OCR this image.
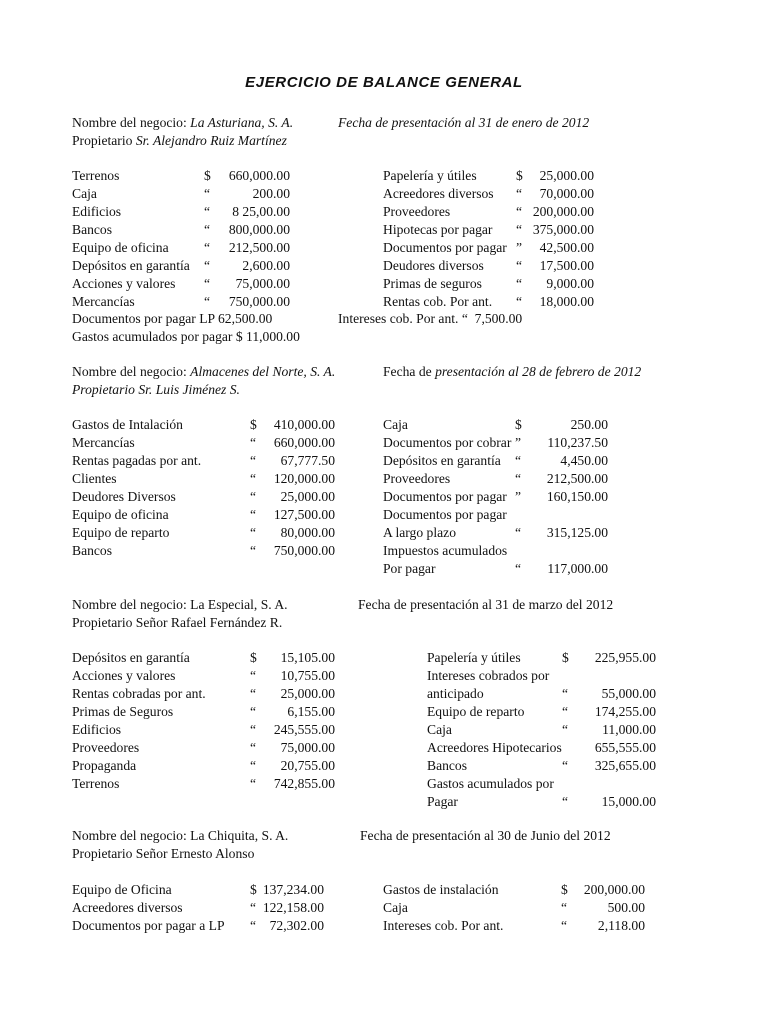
EJERCICIO DE BALANCE GENERAL
Nombre del negocio: La Asturiana, S. A.	Fecha de presentación al 31 de enero de 2012
Propietario Sr. Alejandro Ruiz Martínez
Terrenos	$ 660,000.00
Caja	“	200.00
Edificios	“ 8 25,00.00
Bancos	“ 800,000.00
Equipo de oficina	“ 212,500.00
Depósitos en garantía “ 2,600.00
Acciones y valores “ 75,000.00
Mercancías	“ 750,000.00
Papelería y útiles	$ 25,000.00
Acreedores diversos “ 70,000.00
Proveedores	“ 200,000.00
Hipotecas por pagar “ 375,000.00
Documentos por pagar ” 42,500.00
Deudores diversos “ 17,500.00
Primas de seguros	“ 9,000.00
Rentas cob. Por ant. “ 18,000.00
Documentos por pagar LP 62,500.00	Intereses cob. Por ant. “  7,500.00
Gastos acumulados por pagar $ 11,000.00
Nombre del negocio: Almacenes del Norte, S. A.	Fecha de presentación al 28 de febrero de 2012
Propietario Sr. Luis Jiménez S.
Gastos de Intalación	$ 410,000.00
Mercancías	“ 660,000.00
Rentas pagadas por ant.	“ 67,777.50
Clientes	“ 120,000.00
Deudores Diversos	“ 25,000.00
Equipo de oficina	“ 127,500.00
Equipo de reparto	“ 80,000.00
Bancos	“ 750,000.00
Caja	$	250.00
Documentos por cobrar ” 110,237.50
Depósitos en garantía “	4,450.00
Proveedores	“ 212,500.00
Documentos por pagar ” 160,150.00
Documentos por pagar
A largo plazo	“ 315,125.00
Impuestos acumulados
Por pagar	“ 117,000.00
Nombre del negocio: La Especial, S. A.	Fecha de presentación al 31 de marzo del 2012
Propietario Señor Rafael Fernández R.
Depósitos en garantía	$ 15,105.00
Acciones y valores	“ 10,755.00
Rentas cobradas por ant.	“ 25,000.00
Primas de Seguros	“ 6,155.00
Edificios	“ 245,555.00
Proveedores	“ 75,000.00
Propaganda	“ 20,755.00
Terrenos	“ 742,855.00
Papelería y útiles	$ 225,955.00
Intereses cobrados por
anticipado	“ 55,000.00
Equipo de reparto	“ 174,255.00
Caja	“	11,000.00
Acreedores Hipotecarios 655,555.00
Bancos	“ 325,655.00
Gastos acumulados por
Pagar	“ 15,000.00
Nombre del negocio: La Chiquita, S. A.	Fecha de presentación al 30 de Junio del 2012
Propietario Señor Ernesto Alonso
Equipo de Oficina	$ 137,234.00
Acreedores diversos	“ 122,158.00
Documentos por pagar a LP “ 72,302.00
Gastos de instalación	$ 200,000.00
Caja	“	500.00
Intereses cob. Por ant.	“ 2,118.00
